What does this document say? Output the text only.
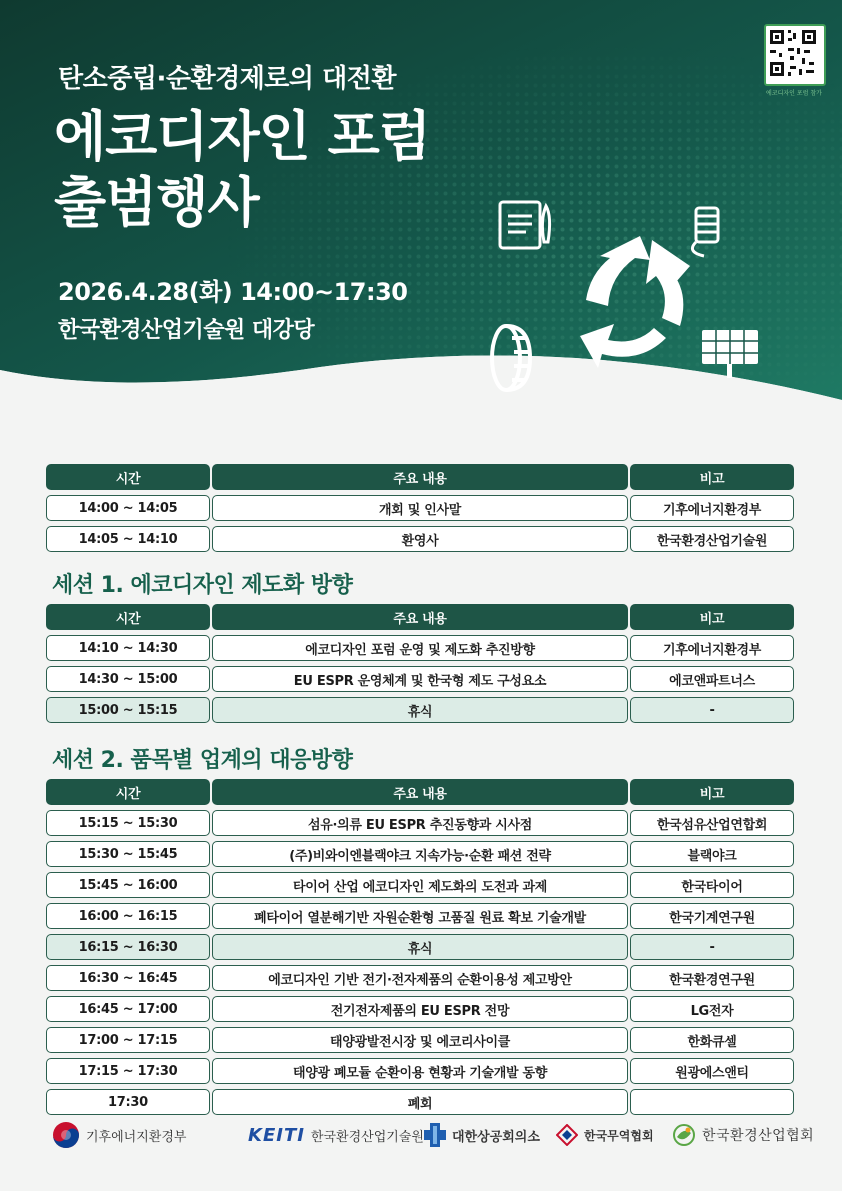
탄소중립·순환경제로의 대전환
에코디자인 포럼
출범행사
2026.4.28(화) 14:00~17:30
한국환경산업기술원 대강당
에코디자인 포럼 참가
시간	주요 내용	비고
14:00 ~ 14:05	개회 및 인사말	기후에너지환경부
14:05 ~ 14:10	환영사	한국환경산업기술원
세션 1. 에코디자인 제도화 방향
시간	주요 내용	비고
14:10 ~ 14:30	에코디자인 포럼 운영 및 제도화 추진방향	기후에너지환경부
14:30 ~ 15:00	EU ESPR 운영체계 및 한국형 제도 구성요소	에코앤파트너스
15:00 ~ 15:15	휴식	-
세션 2. 품목별 업계의 대응방향
시간	주요 내용	비고
15:15 ~ 15:30	섬유·의류 EU ESPR 추진동향과 시사점	한국섬유산업연합회
15:30 ~ 15:45	(주)비와이엔블랙야크 지속가능·순환 패션 전략	블랙야크
15:45 ~ 16:00	타이어 산업 에코디자인 제도화의 도전과 과제	한국타이어
16:00 ~ 16:15	폐타이어 열분해기반 자원순환형 고품질 원료 확보 기술개발	한국기계연구원
16:15 ~ 16:30	휴식	-
16:30 ~ 16:45	에코디자인 기반 전기·전자제품의 순환이용성 제고방안	한국환경연구원
16:45 ~ 17:00	전기전자제품의 EU ESPR 전망	LG전자
17:00 ~ 17:15	태양광발전시장 및 에코리사이클	한화큐셀
17:15 ~ 17:30	태양광 폐모듈 순환이용 현황과 기술개발 동향	원광에스앤티
17:30	폐회
기후에너지환경부	KEITI 한국환경산업기술원 대한상공회의소	한국무역협회	한국환경산업협회
